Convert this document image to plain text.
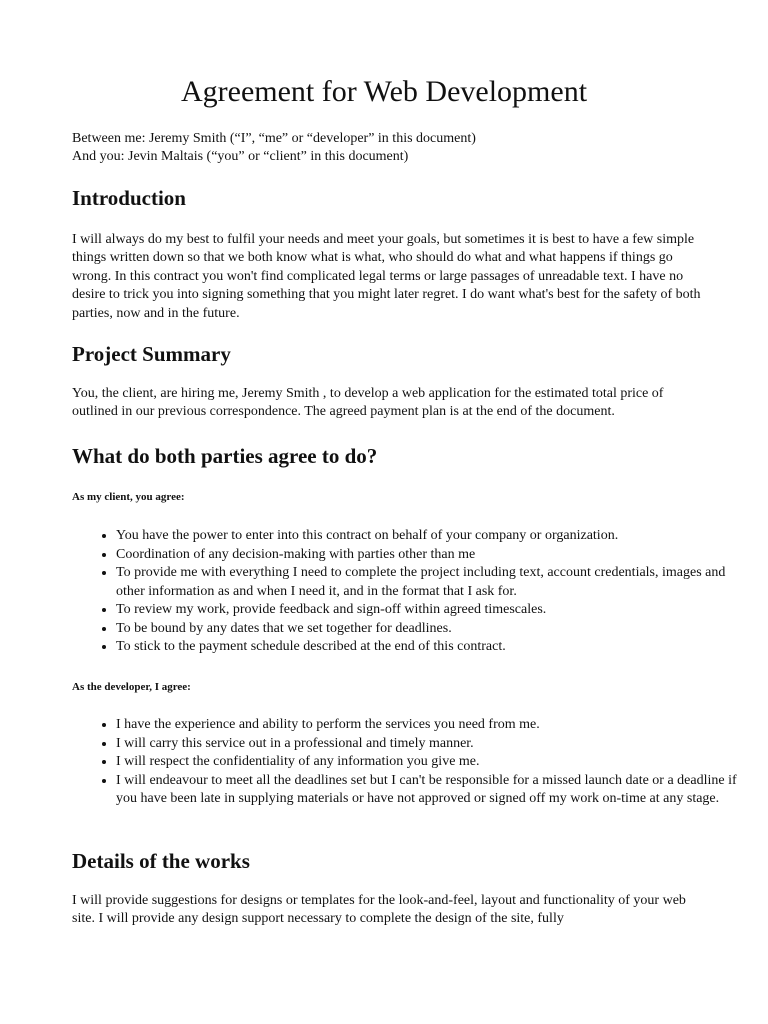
Agreement for Web Development
Between me: Jeremy Smith (“I”, “me” or “developer” in this document)
And you: Jevin Maltais (“you” or “client” in this document)
Introduction

I will always do my best to fulfil your needs and meet your goals, but sometimes it is best to have a few simple things written down so that we both know what is what, who should do what and what happens if things go wrong. In this contract you won't find complicated legal terms or large passages of unreadable text. I have no desire to trick you into signing something that you might later regret. I do want what's best for the safety of both parties, now and in the future.

Project Summary

You, the client, are hiring me, Jeremy Smith , to develop a web application for the estimated total price of outlined in our previous correspondence. The agreed payment plan is at the end of the document.

What do both parties agree to do?
As my client, you agree:
• You have the power to enter into this contract on behalf of your company or organization.
• Coordination of any decision-making with parties other than me
• To provide me with everything I need to complete the project including text, account credentials, images and other information as and when I need it, and in the format that I ask for.
• To review my work, provide feedback and sign-off within agreed timescales.
• To be bound by any dates that we set together for deadlines.
• To stick to the payment schedule described at the end of this contract.
As the developer, I agree:
• I have the experience and ability to perform the services you need from me.
• I will carry this service out in a professional and timely manner.
• I will respect the confidentiality of any information you give me.
• I will endeavour to meet all the deadlines set but I can't be responsible for a missed launch date or a deadline if you have been late in supplying materials or have not approved or signed off my work on-time at any stage.
Details of the works

I will provide suggestions for designs or templates for the look-and-feel, layout and functionality of your web site. I will provide any design support necessary to complete the design of the site, fully
